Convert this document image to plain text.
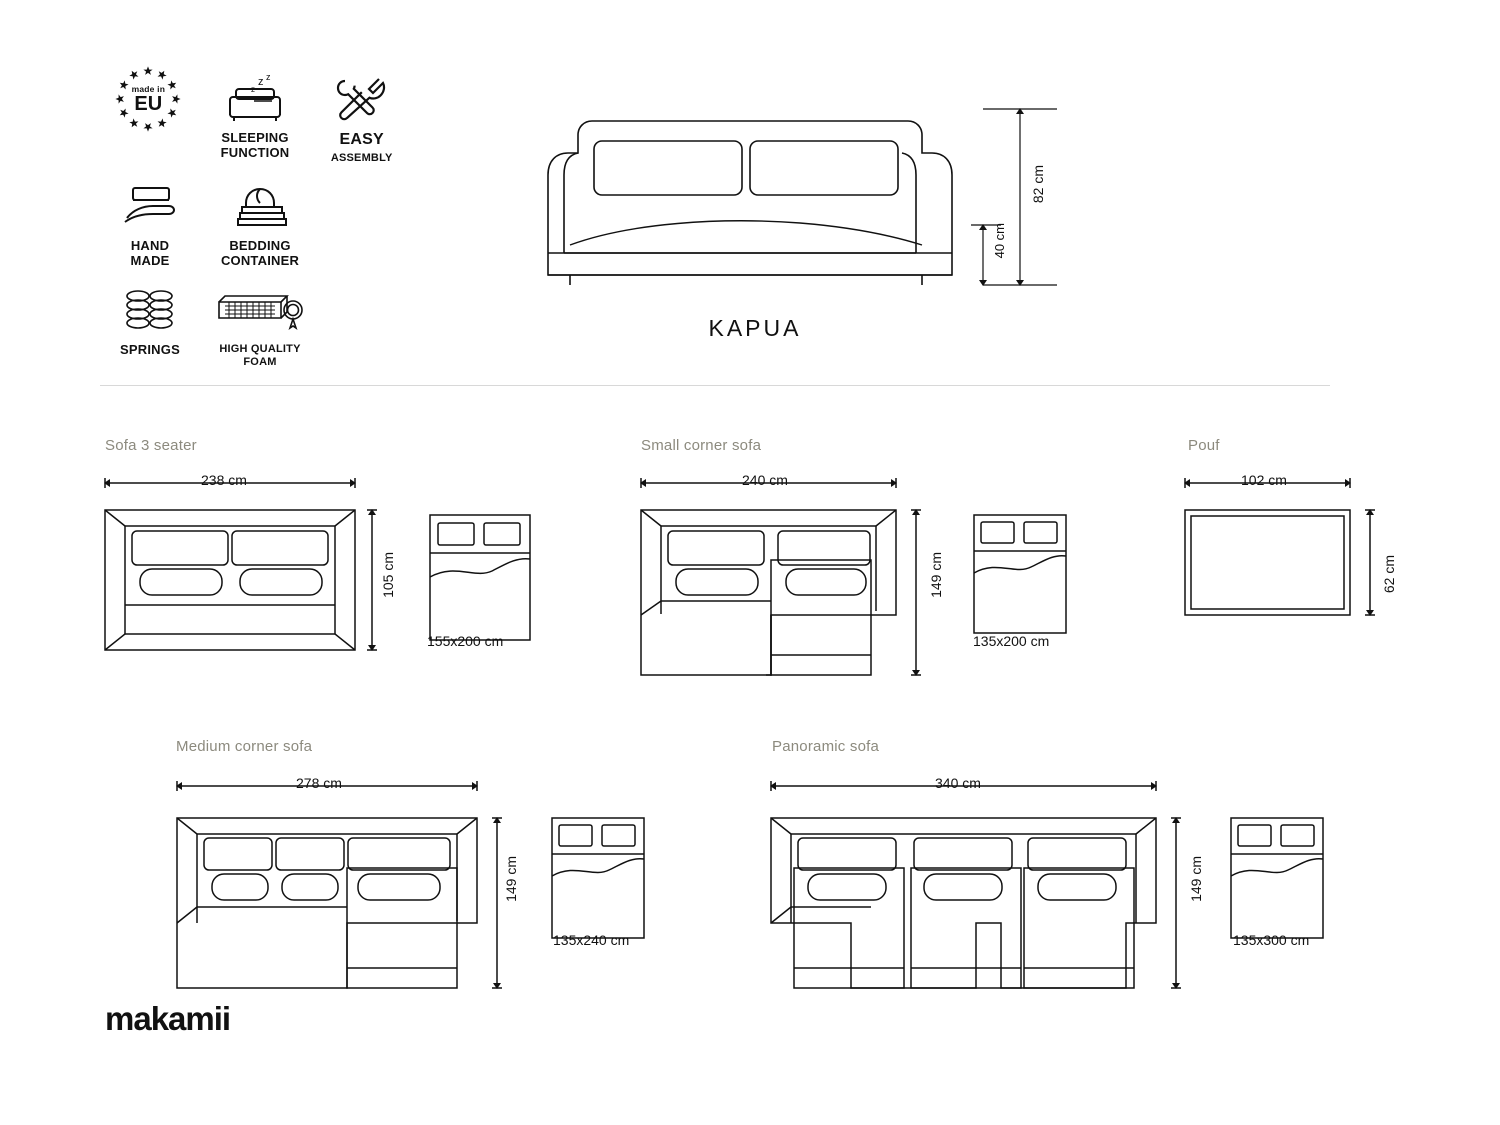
made in
EU
z z
z
SLEEPING
FUNCTION
EASY
ASSEMBLY
HAND
MADE
BEDDING
CONTAINER
SPRINGS	HIGH QUALITY
FOAM
82 cm
40 cm
KAPUA
Sofa 3 seater
238 cm
105 cm
155x200 cm
Small corner sofa
240 cm
149 cm
135x200 cm
Pouf
102 cm
62 cm
Medium corner sofa
278 cm
149 cm
135x240 cm
Panoramic sofa
340 cm
149 cm
135x300 cm
makamii
